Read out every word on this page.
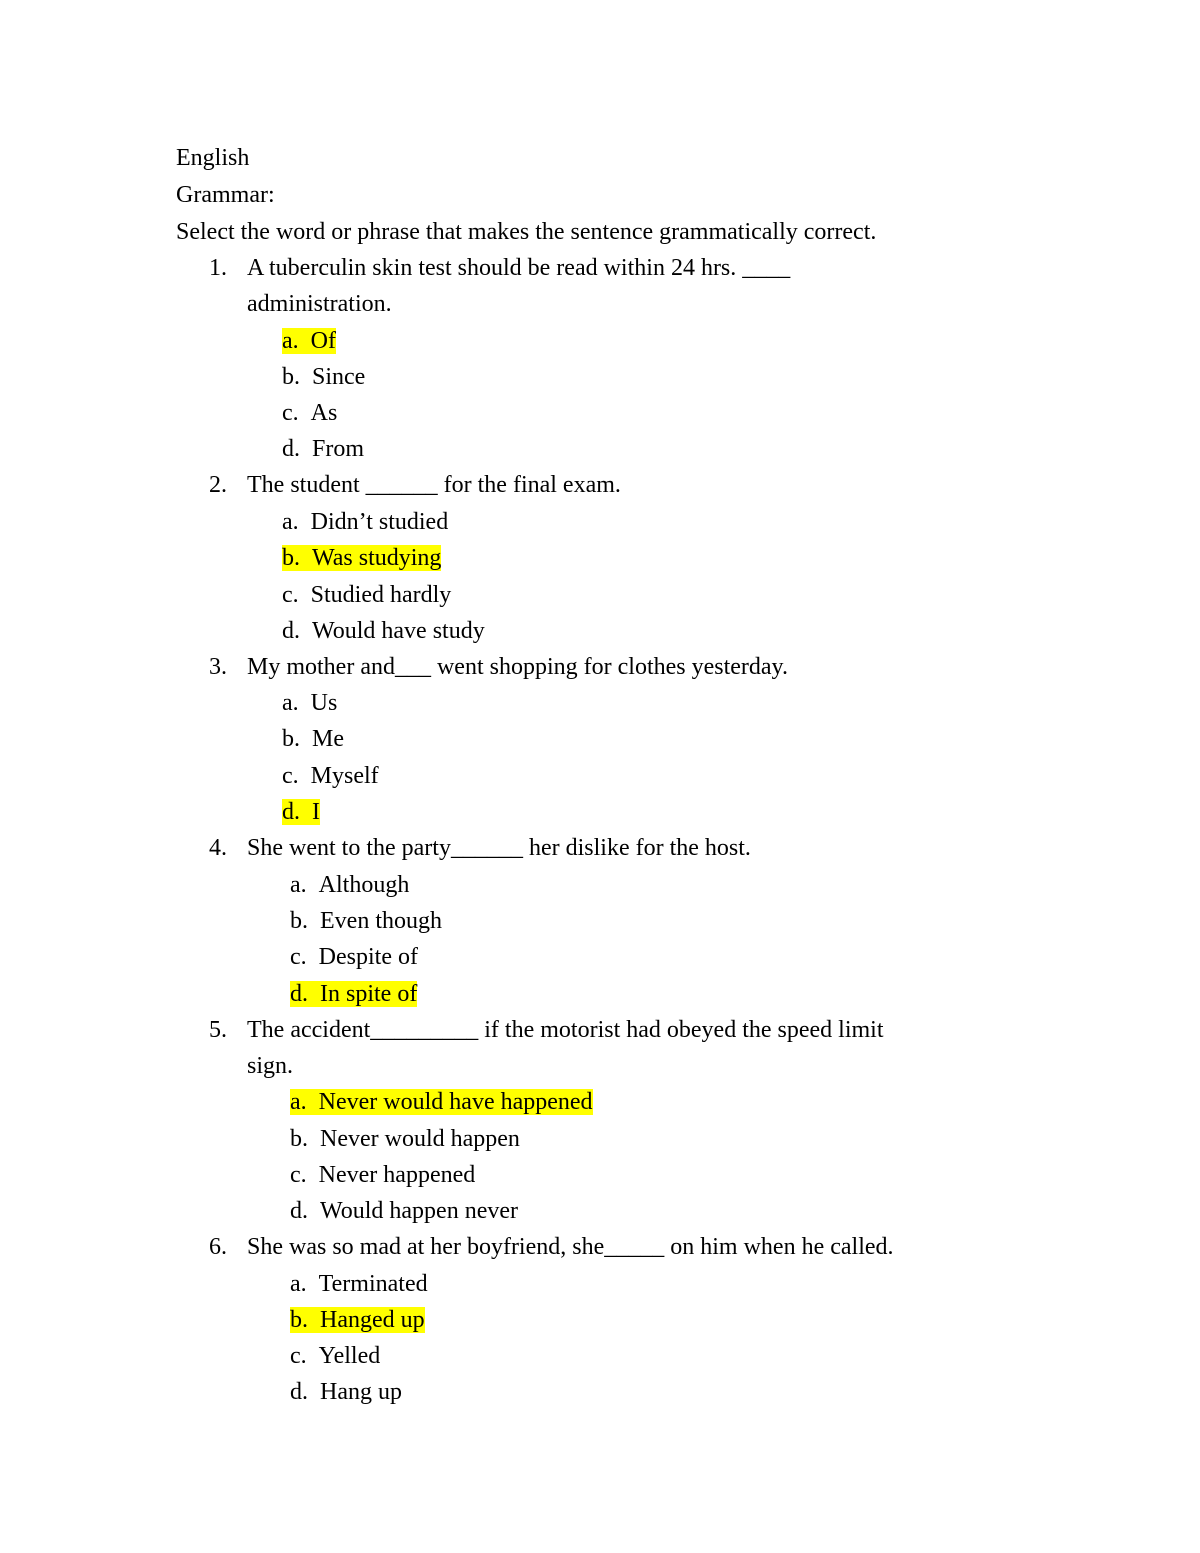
English
Grammar:
Select the word or phrase that makes the sentence grammatically correct.
1. A tuberculin skin test should be read within 24 hrs. ____
administration.
a. Of
b. Since
c. As
d. From
2. The student ______ for the final exam.
a. Didn’t studied
b. Was studying
c. Studied hardly
d. Would have study
3. My mother and___ went shopping for clothes yesterday.
a. Us
b. Me
c. Myself
d. I
4. She went to the party______ her dislike for the host.
a. Although
b. Even though
c. Despite of
d. In spite of
5. The accident_________ if the motorist had obeyed the speed limit
sign.
a. Never would have happened
b. Never would happen
c. Never happened
d. Would happen never
6. She was so mad at her boyfriend, she_____ on him when he called.
a. Terminated
b. Hanged up
c. Yelled
d. Hang up
